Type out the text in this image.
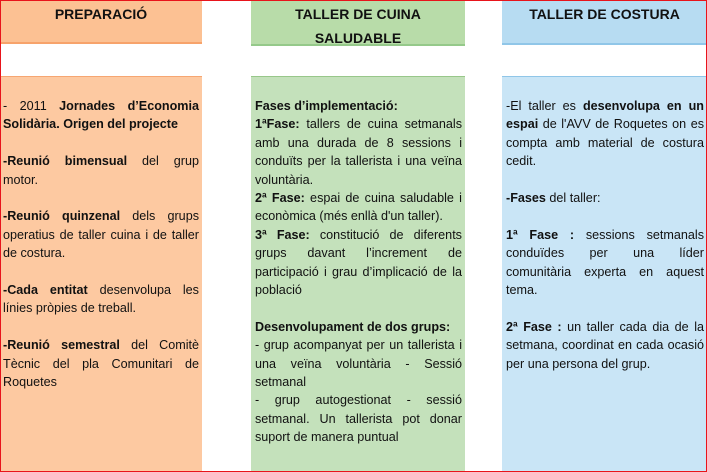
PREPARACIÓ	TALLER DE CUINA
SALUDABLE
TALLER DE COSTURA

- 2011 Jornades d’Economia Solidària. Origen del projecte

-Reunió bimensual del grup motor.

-Reunió quinzenal dels grups operatius de taller cuina i de taller de costura.

-Cada entitat desenvolupa les línies pròpies de treball.

-Reunió semestral del Comitè Tècnic del pla Comunitari de Roquetes

Fases d’implementació:

1ªFase: tallers de cuina setmanals amb una durada de 8 sessions i conduïts per la tallerista i una veïna voluntària.

2ª Fase: espai de cuina saludable i econòmica (més enllà d'un taller).

3ª Fase: constitució de diferents grups davant l’increment de participació i grau d’implicació de la població

Desenvolupament de dos grups:

- grup acompanyat per un tallerista i una veïna voluntària - Sessió setmanal

- grup autogestionat - sessió setmanal. Un tallerista pot donar suport de manera puntual

-El taller es desenvolupa en un espai de l'AVV de Roquetes on es compta amb material de costura cedit.

-Fases del taller:

1ª Fase : sessions setmanals conduïdes per una líder comunitària experta en aquest tema.

2ª Fase : un taller cada dia de la setmana, coordinat en cada ocasió per una persona del grup.
